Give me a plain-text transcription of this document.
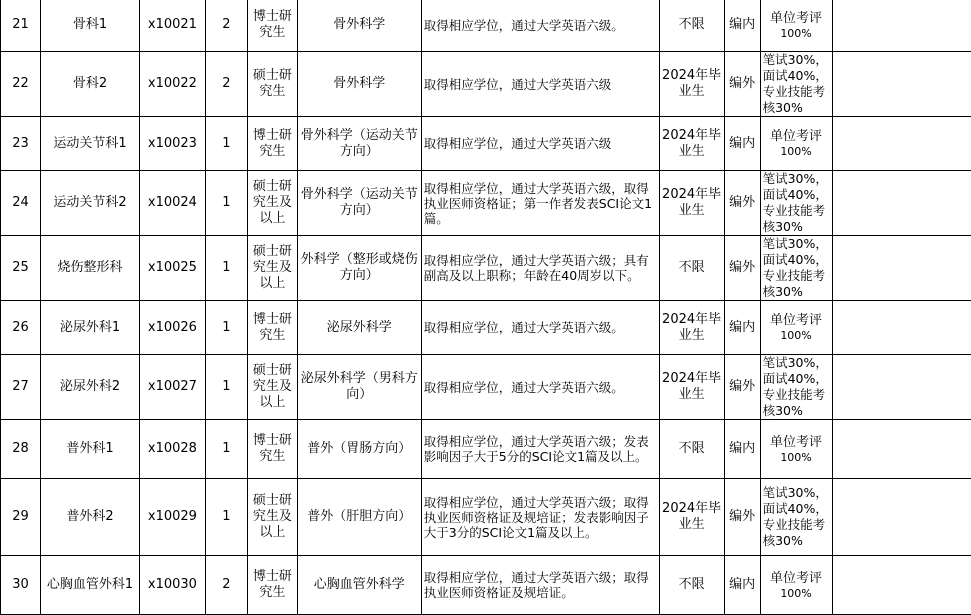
21	骨科1	x10021	2	博士研究生	骨外科学	取得相应学位，通过大学英语六级。	不限	编内	单位考评
100%	

22	骨科2	x10022	2	硕士研究生	骨外科学	取得相应学位，通过大学英语六级	2024年毕业生	编外	笔试30%，面试40%，专业技能考核30%	
23	运动关节科1	x10023	1	博士研究生	骨外科学（运动关节方向）	取得相应学位，通过大学英语六级	2024年毕业生	编内	单位考评
100%	

24	运动关节科2	x10024	1	硕士研究生及以上	骨外科学（运动关节方向）	取得相应学位，通过大学英语六级，取得执业医师资格证；第一作者发表SCI论文1篇。	2024年毕业生	编外	笔试30%，面试40%，专业技能考核30%	
25	烧伤整形科	x10025	1	硕士研究生及以上	外科学（整形或烧伤方向）	取得相应学位，通过大学英语六级；具有副高及以上职称；年龄在40周岁以下。	不限	编外	笔试30%，面试40%，专业技能考核30%	
26	泌尿外科1	x10026	1	博士研究生	泌尿外科学	取得相应学位，通过大学英语六级。	2024年毕业生	编内	单位考评
100%	

27	泌尿外科2	x10027	1	硕士研究生及以上	泌尿外科学（男科方向）	取得相应学位，通过大学英语六级。	2024年毕业生	编外	笔试30%，面试40%，专业技能考核30%	
28	普外科1	x10028	1	博士研究生	普外（胃肠方向）	取得相应学位，通过大学英语六级；发表影响因子大于5分的SCI论文1篇及以上。	不限	编内	单位考评
100%	

29	普外科2	x10029	1	硕士研究生及以上	普外（肝胆方向）	取得相应学位，通过大学英语六级；取得执业医师资格证及规培证；发表影响因子大于3分的SCI论文1篇及以上。	2024年毕业生	编外	笔试30%，面试40%，专业技能考核30%	
30	心胸血管外科1	x10030	2	博士研究生	心胸血管外科学	取得相应学位，通过大学英语六级；取得执业医师资格证及规培证。	不限	编内	单位考评
100%	
